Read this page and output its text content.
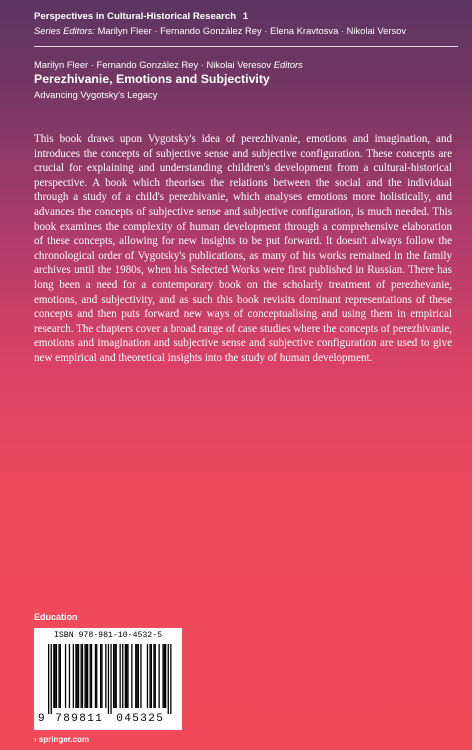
Perspectives in Cultural-Historical Research 1
Series Editors: Marilyn Fleer · Fernando González Rey · Elena Kravtosva · Nikolai Versov
Marilyn Fleer · Fernando González Rey · Nikolai Veresov Editors
Perezhivanie, Emotions and Subjectivity
Advancing Vygotsky's Legacy

This book draws upon Vygotsky's idea of perezhivanie, emotions and imagination, and introduces the concepts of subjective sense and subjective configuration. These concepts are crucial for explaining and understanding children's development from a cultural-historical perspective. A book which theorises the relations between the social and the individual through a study of a child's perezhivanie, which analyses emotions more holistically, and advances the concepts of subjective sense and subjective configuration, is much needed. This book examines the complexity of human development through a comprehensive elaboration of these concepts, allowing for new insights to be put forward. It doesn't always follow the chronological order of Vygotsky's publications, as many of his works remained in the family archives until the 1980s, when his Selected Works were first published in Russian. There has long been a need for a contemporary book on the scholarly treatment of perezhevanie, emotions, and subjectivity, and as such this book revisits dominant representations of these concepts and then puts forward new ways of conceptualising and using them in empirical research. The chapters cover a broad range of case studies where the concepts of perezhivanie, emotions and imagination and subjective sense and subjective configuration are used to give new empirical and theoretical insights into the study of human development.

Education
9 789811 045325
ISBN 978-981-10-4532-5
› springer.com
